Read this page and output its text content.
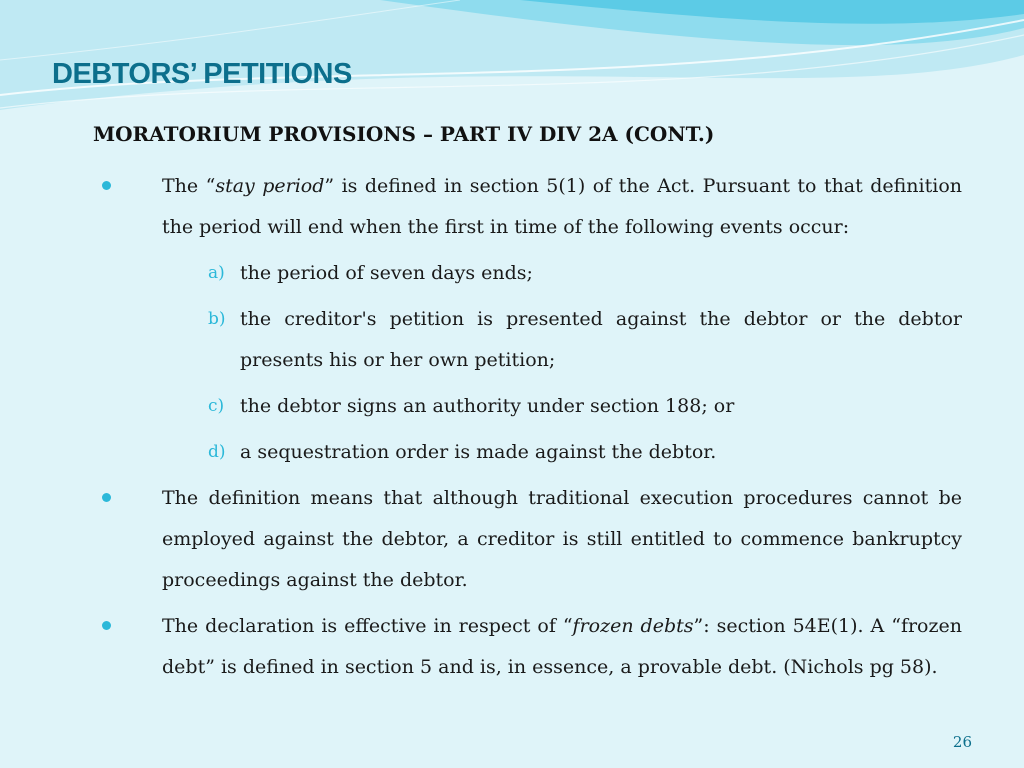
DEBTORS’ PETITIONS
MORATORIUM PROVISIONS – PART IV DIV 2A (CONT.)
The “stay period” is defined in section 5(1) of the Act. Pursuant to that definition the period will end when the first in time of the following events occur:
a) the period of seven days ends;
b) the creditor's petition is presented against the debtor or the debtor presents his or her own petition;
c) the debtor signs an authority under section 188; or
d) a sequestration order is made against the debtor.
The definition means that although traditional execution procedures cannot be employed against the debtor, a creditor is still entitled to commence bankruptcy proceedings against the debtor.
The declaration is effective in respect of “frozen debts”: section 54E(1). A “frozen debt” is defined in section 5 and is, in essence, a provable debt. (Nichols pg 58).
26
